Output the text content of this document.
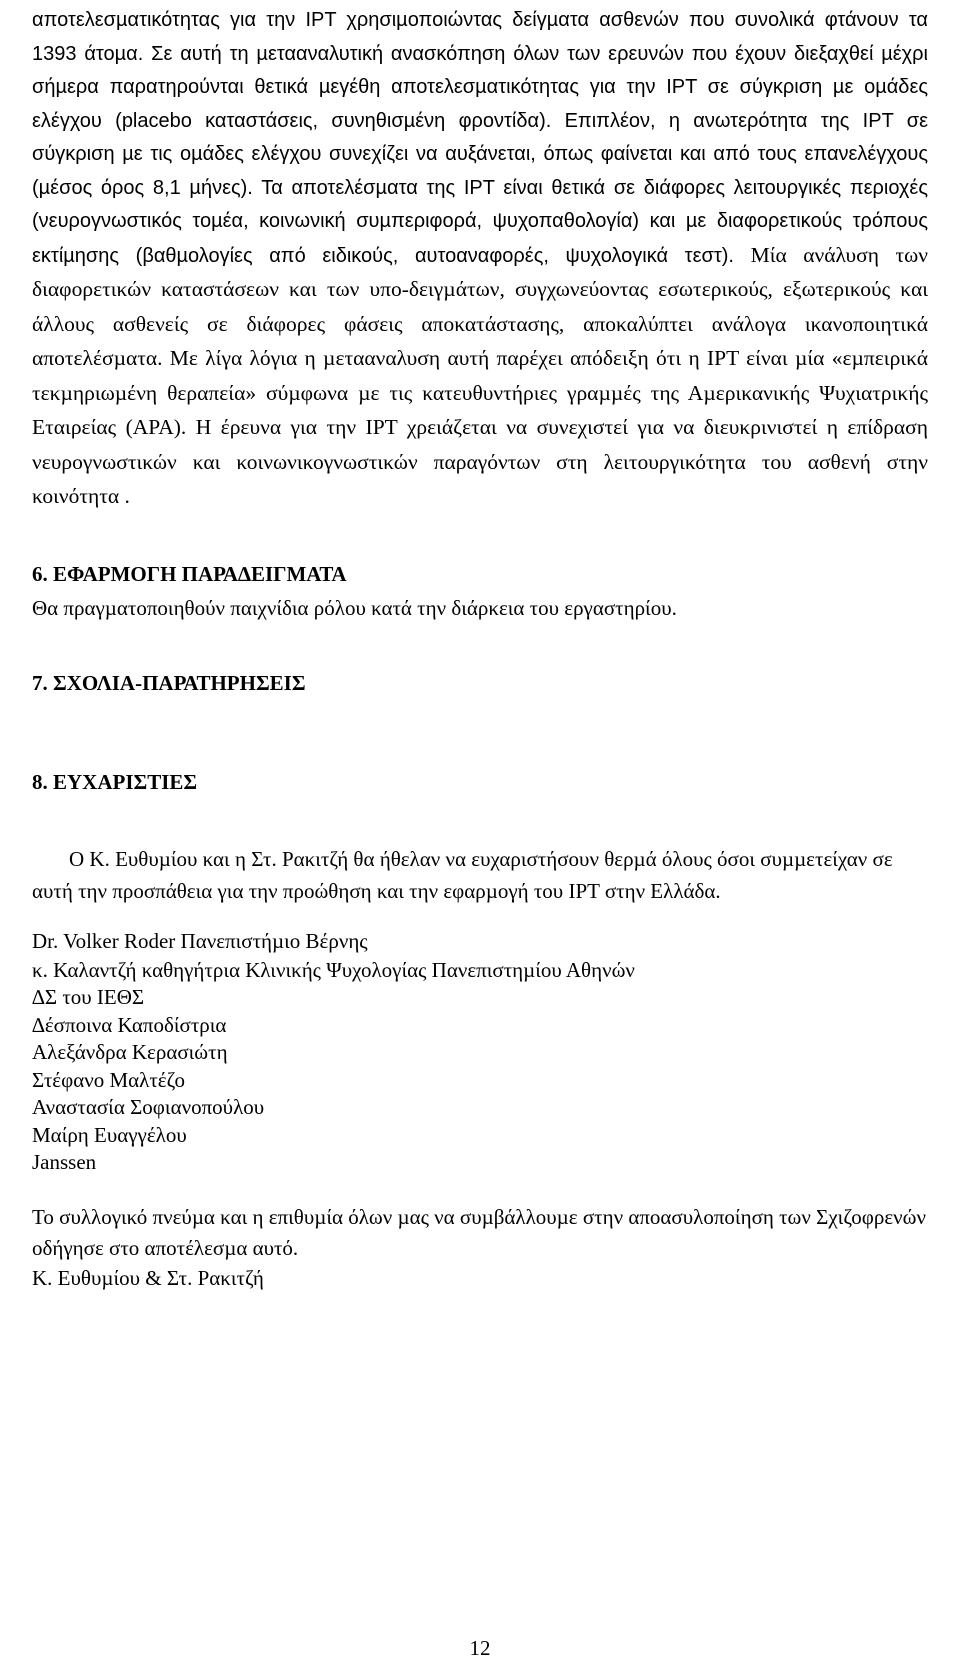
αποτελεσµατικότητας για την IPT χρησιµοποιώντας δείγµατα ασθενών που συνολικά φτάνουν τα 1393 άτοµα. Σε αυτή τη µετααναλυτική ανασκόπηση όλων των ερευνών που έχουν διεξαχθεί µέχρι σήµερα παρατηρούνται θετικά µεγέθη αποτελεσµατικότητας για την IPT σε σύγκριση µε οµάδες ελέγχου (placebo καταστάσεις, συνηθισµένη φροντίδα). Επιπλέον, η ανωτερότητα της IPT σε σύγκριση µε τις οµάδες ελέγχου συνεχίζει να αυξάνεται, όπως φαίνεται και από τους επανελέγχους (µέσος όρος 8,1 µήνες). Τα αποτελέσµατα της IPT είναι θετικά σε διάφορες λειτουργικές περιοχές (νευρογνωστικός τοµέα, κοινωνική συµπεριφορά, ψυχοπαθολογία) και µε διαφορετικούς τρόπους εκτίµησης (βαθµολογίες από ειδικούς, αυτοαναφορές, ψυχολογικά τεστ). Μία ανάλυση των διαφορετικών καταστάσεων και των υπο-δειγµάτων, συγχωνεύοντας εσωτερικούς, εξωτερικούς και άλλους ασθενείς σε διάφορες φάσεις αποκατάστασης, αποκαλύπτει ανάλογα ικανοποιητικά αποτελέσµατα. Με λίγα λόγια η µετααναλυση αυτή παρέχει απόδειξη ότι η IPT είναι µία «εµπειρικά τεκµηριωµένη θεραπεία» σύµφωνα µε τις κατευθυντήριες γραµµές της Αµερικανικής Ψυχιατρικής Εταιρείας (APA). Η έρευνα για την IPT χρειάζεται να συνεχιστεί για να διευκρινιστεί η επίδραση νευρογνωστικών και κοινωνικογνωστικών παραγόντων στη λειτουργικότητα του ασθενή στην κοινότητα .

6. ΕΦΑΡΜΟΓΗ ΠΑΡΑ∆ΕΙΓΜΑΤΑ

Θα πραγµατοποιηθούν παιχνίδια ρόλου κατά την διάρκεια του εργαστηρίου.

7. ΣΧΟΛΙΑ-ΠΑΡΑΤΗΡΗΣΕΙΣ

8. ΕΥΧΑΡΙΣΤΙΕΣ

Ο Κ. Ευθυµίου και η Στ. Ρακιτζή θα ήθελαν να ευχαριστήσουν θερµά όλους όσοι συµµετείχαν σε αυτή την προσπάθεια για την προώθηση και την εφαρµογή του IPT στην Ελλάδα.

Dr. Volker Roder Πανεπιστήµιο Βέρνης

κ. Καλαντζή καθηγήτρια Κλινικής Ψυχολογίας Πανεπιστηµίου Αθηνών

∆Σ του ΙΕΘΣ

∆έσποινα Καποδίστρια

Αλεξάνδρα Κερασιώτη

Στέφανο Μαλτέζο

Αναστασία Σοφιανοπούλου

Μαίρη Ευαγγέλου

Janssen

Το συλλογικό πνεύµα και η επιθυµία όλων µας να συµβάλλουµε στην αποασυλοποίηση των Σχιζοφρενών οδήγησε στο αποτέλεσµα αυτό.

Κ. Ευθυµίου & Στ. Ρακιτζή

12
